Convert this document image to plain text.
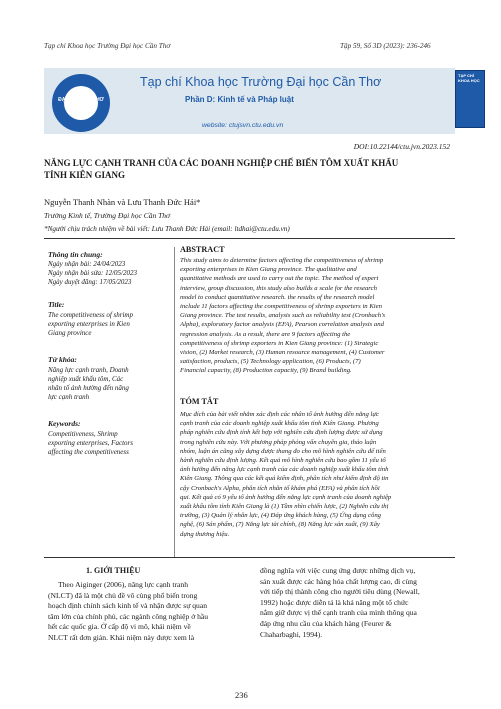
Tạp chí Khoa học Trường Đại học Cần Thơ	Tập 59, Số 3D (2023): 236-246
ĐẠI HỌC CẦN THƠ
Tạp chí Khoa học Trường Đại học Cần Thơ
Phần D: Kinh tế và Pháp luật
website: ctujsvn.ctu.edu.vn
TẠP CHÍ KHOA HỌC
DOI:10.22144/ctu.jvn.2023.152
NĂNG LỰC CẠNH TRANH CỦA CÁC DOANH NGHIỆP CHẾ BIẾN TÔM XUẤT KHẨU
TỈNH KIÊN GIANG
Nguyễn Thanh Nhàn và Lưu Thanh Đức Hải*
Trường Kinh tế, Trường Đại học Cần Thơ
*Người chịu trách nhiệm về bài viết: Lưu Thanh Đức Hải (email: ltdhai@ctu.edu.vn)
Thông tin chung:
Ngày nhận bài: 24/04/2023
Ngày nhận bài sửa: 12/05/2023
Ngày duyệt đăng: 17/05/2023
Title:
The competitiveness of shrimp
exporting enterprises in Kien
Giang province
Từ khóa:
Năng lực cạnh tranh, Doanh
nghiệp xuất khẩu tôm, Các
nhân tố ảnh hưởng đến năng
lực cạnh tranh
Keywords:
Competitiveness, Shrimp
exporting enterprises, Factors
affecting the competitiveness
ABSTRACT
This study aims to determine factors affecting the competitiveness of shrimp
exporting enterprises in Kien Giang province. The qualitative and
quantitative methods are used to carry out the topic. The method of expert
interview, group discussion, this study also builds a scale for the research
model to conduct quantitative research. the results of the research model
include 11 factors affecting the competitiveness of shrimp exporters in Kien
Giang province. The test results, analysis such as reliability test (Cronbach's
Alpha), exploratory factor analysis (EFA), Pearson correlation analysis and
regression analysis. As a result, there are 9 factors affecting the
competitiveness of shrimp exporters in Kien Giang province: (1) Strategic
vision, (2) Market research, (3) Human resource management, (4) Customer
satisfaction, products, (5) Technology application, (6) Products, (7)
Financial capacity, (8) Production capacity, (9) Brand building.
TÓM TẮT
Mục đích của bài viết nhằm xác định các nhân tố ảnh hưởng đến năng lực
cạnh tranh của các doanh nghiệp xuất khẩu tôm tỉnh Kiên Giang. Phương
pháp nghiên cứu định tính kết hợp với nghiên cứu định lượng được sử dụng
trong nghiên cứu này. Với phương pháp phỏng vấn chuyên gia, thảo luận
nhóm, luận án cũng xây dựng được thang đo cho mô hình nghiên cứu để tiến
hành nghiên cứu định lượng. Kết quả mô hình nghiên cứu bao gồm 11 yếu tố
ảnh hưởng đến năng lực cạnh tranh của các doanh nghiệp xuất khẩu tôm tỉnh
Kiên Giang. Thông qua các kết quả kiểm định, phân tích như kiểm định độ tin
cậy Cronbach's Alpha, phân tích nhân tố khám phá (EFA) và phân tích hồi
qui. Kết quả có 9 yếu tố ảnh hưởng đến năng lực cạnh tranh của doanh nghiệp
xuất khẩu tôm tỉnh Kiên Giang là (1) Tầm nhìn chiến lược, (2) Nghiên cứu thị
trường, (3) Quản lý nhân lực, (4) Đáp ứng khách hàng, (5) Ứng dụng công
nghệ, (6) Sản phẩm, (7) Năng lực tài chính, (8) Năng lực sản xuất, (9) Xây
dựng thương hiệu.
1. GIỚI THIỆU
Theo Aiginger (2006), năng lực cạnh tranh
(NLCT) đã là một chủ đề vô cùng phổ biến trong
hoạch định chính sách kinh tế và nhận được sự quan
tâm lớn của chính phủ, các ngành công nghiệp ở hầu
hết các quốc gia. Ở cấp độ vi mô, khái niệm về
NLCT rất đơn giản. Khái niệm này được xem là
đồng nghĩa với việc cung ứng được những dịch vụ,
sản xuất được các hàng hóa chất lượng cao, đi cùng
với tiếp thị thành công cho người tiêu dùng (Newall,
1992) hoặc được diễn tả là khả năng một tổ chức
nắm giữ được vị thế cạnh tranh của mình thông qua
đáp ứng nhu cầu của khách hàng (Feurer &
Chaharbaghi, 1994).
236
